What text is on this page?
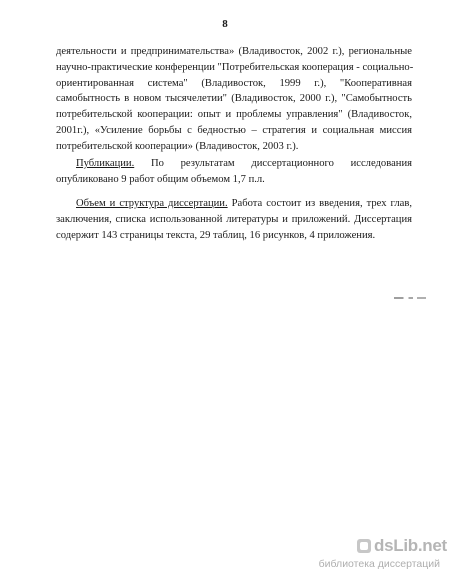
8
деятельности и предпринимательства» (Владивосток, 2002 г.), региональные
научно-практические конференции "Потребительская кооперация - социально-
ориентированная система" (Владивосток, 1999 г.), "Кооперативная
самобытность в новом тысячелетии" (Владивосток, 2000 г.), "Самобытность
потребительской кооперации: опыт и проблемы управления" (Владивосток,
2001г.), «Усиление борьбы с бедностью – стратегия и социальная миссия
потребительской кооперации» (Владивосток, 2003 г.).
Публикации. По результатам диссертационного исследования
опубликовано 9 работ общим объемом 1,7 п.л.
Объем и структура диссертации. Работа состоит из введения, трех глав,
заключения, списка использованной литературы и приложений. Диссертация
содержит 143 страницы текста, 29 таблиц, 16 рисунков, 4 приложения.
dsLib.net
библиотека диссертаций
